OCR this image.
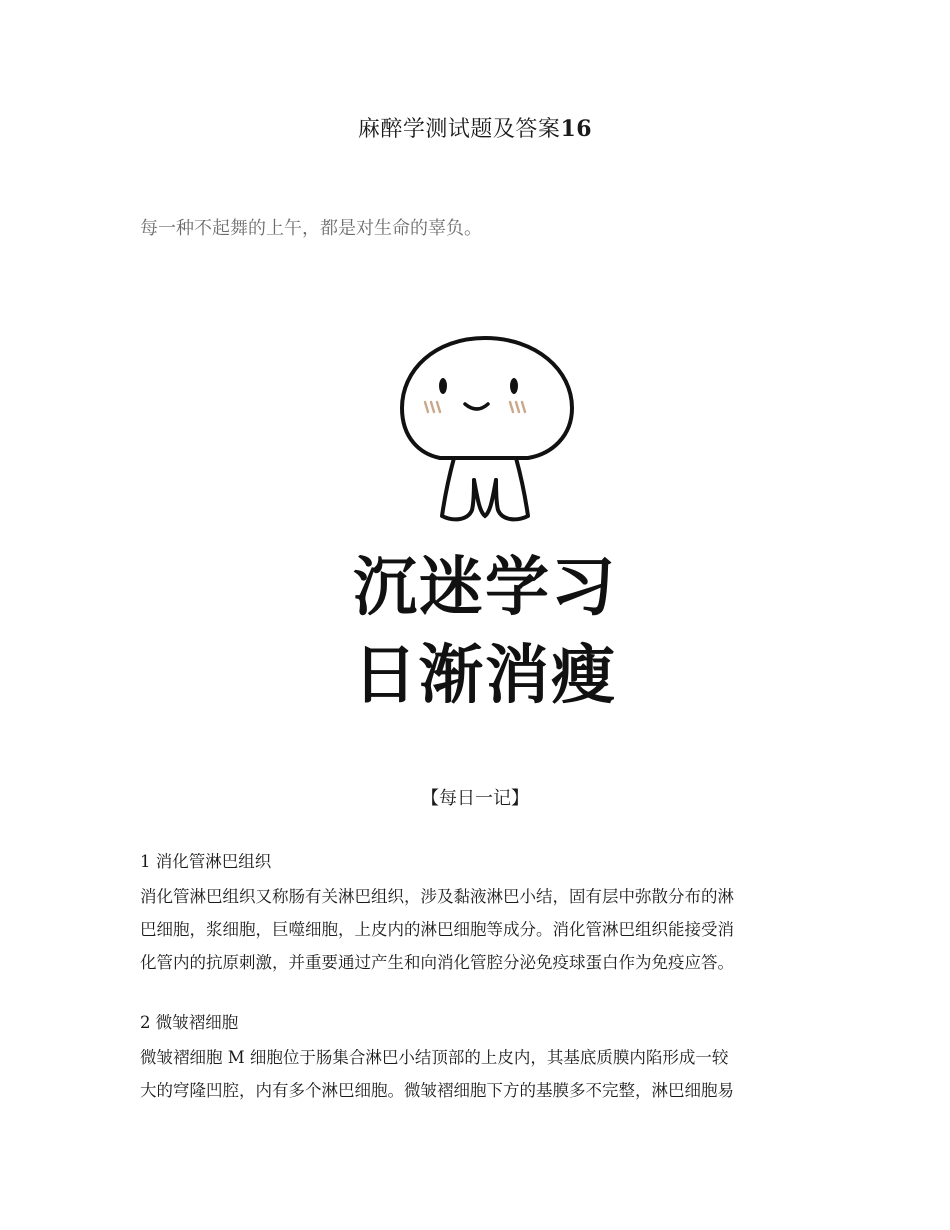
麻醉学测试题及答案16
每一种不起舞的上午，都是对生命的辜负。
沉迷学习
日渐消瘦
【每日一记】
1 消化管淋巴组织
消化管淋巴组织又称肠有关淋巴组织，涉及黏液淋巴小结，固有层中弥散分布的淋
巴细胞，浆细胞，巨噬细胞，上皮内的淋巴细胞等成分。消化管淋巴组织能接受消
化管内的抗原刺激，并重要通过产生和向消化管腔分泌免疫球蛋白作为免疫应答。
2 微皱褶细胞
微皱褶细胞 M 细胞位于肠集合淋巴小结顶部的上皮内，其基底质膜内陷形成一较
大的穹隆凹腔，内有多个淋巴细胞。微皱褶细胞下方的基膜多不完整，淋巴细胞易
